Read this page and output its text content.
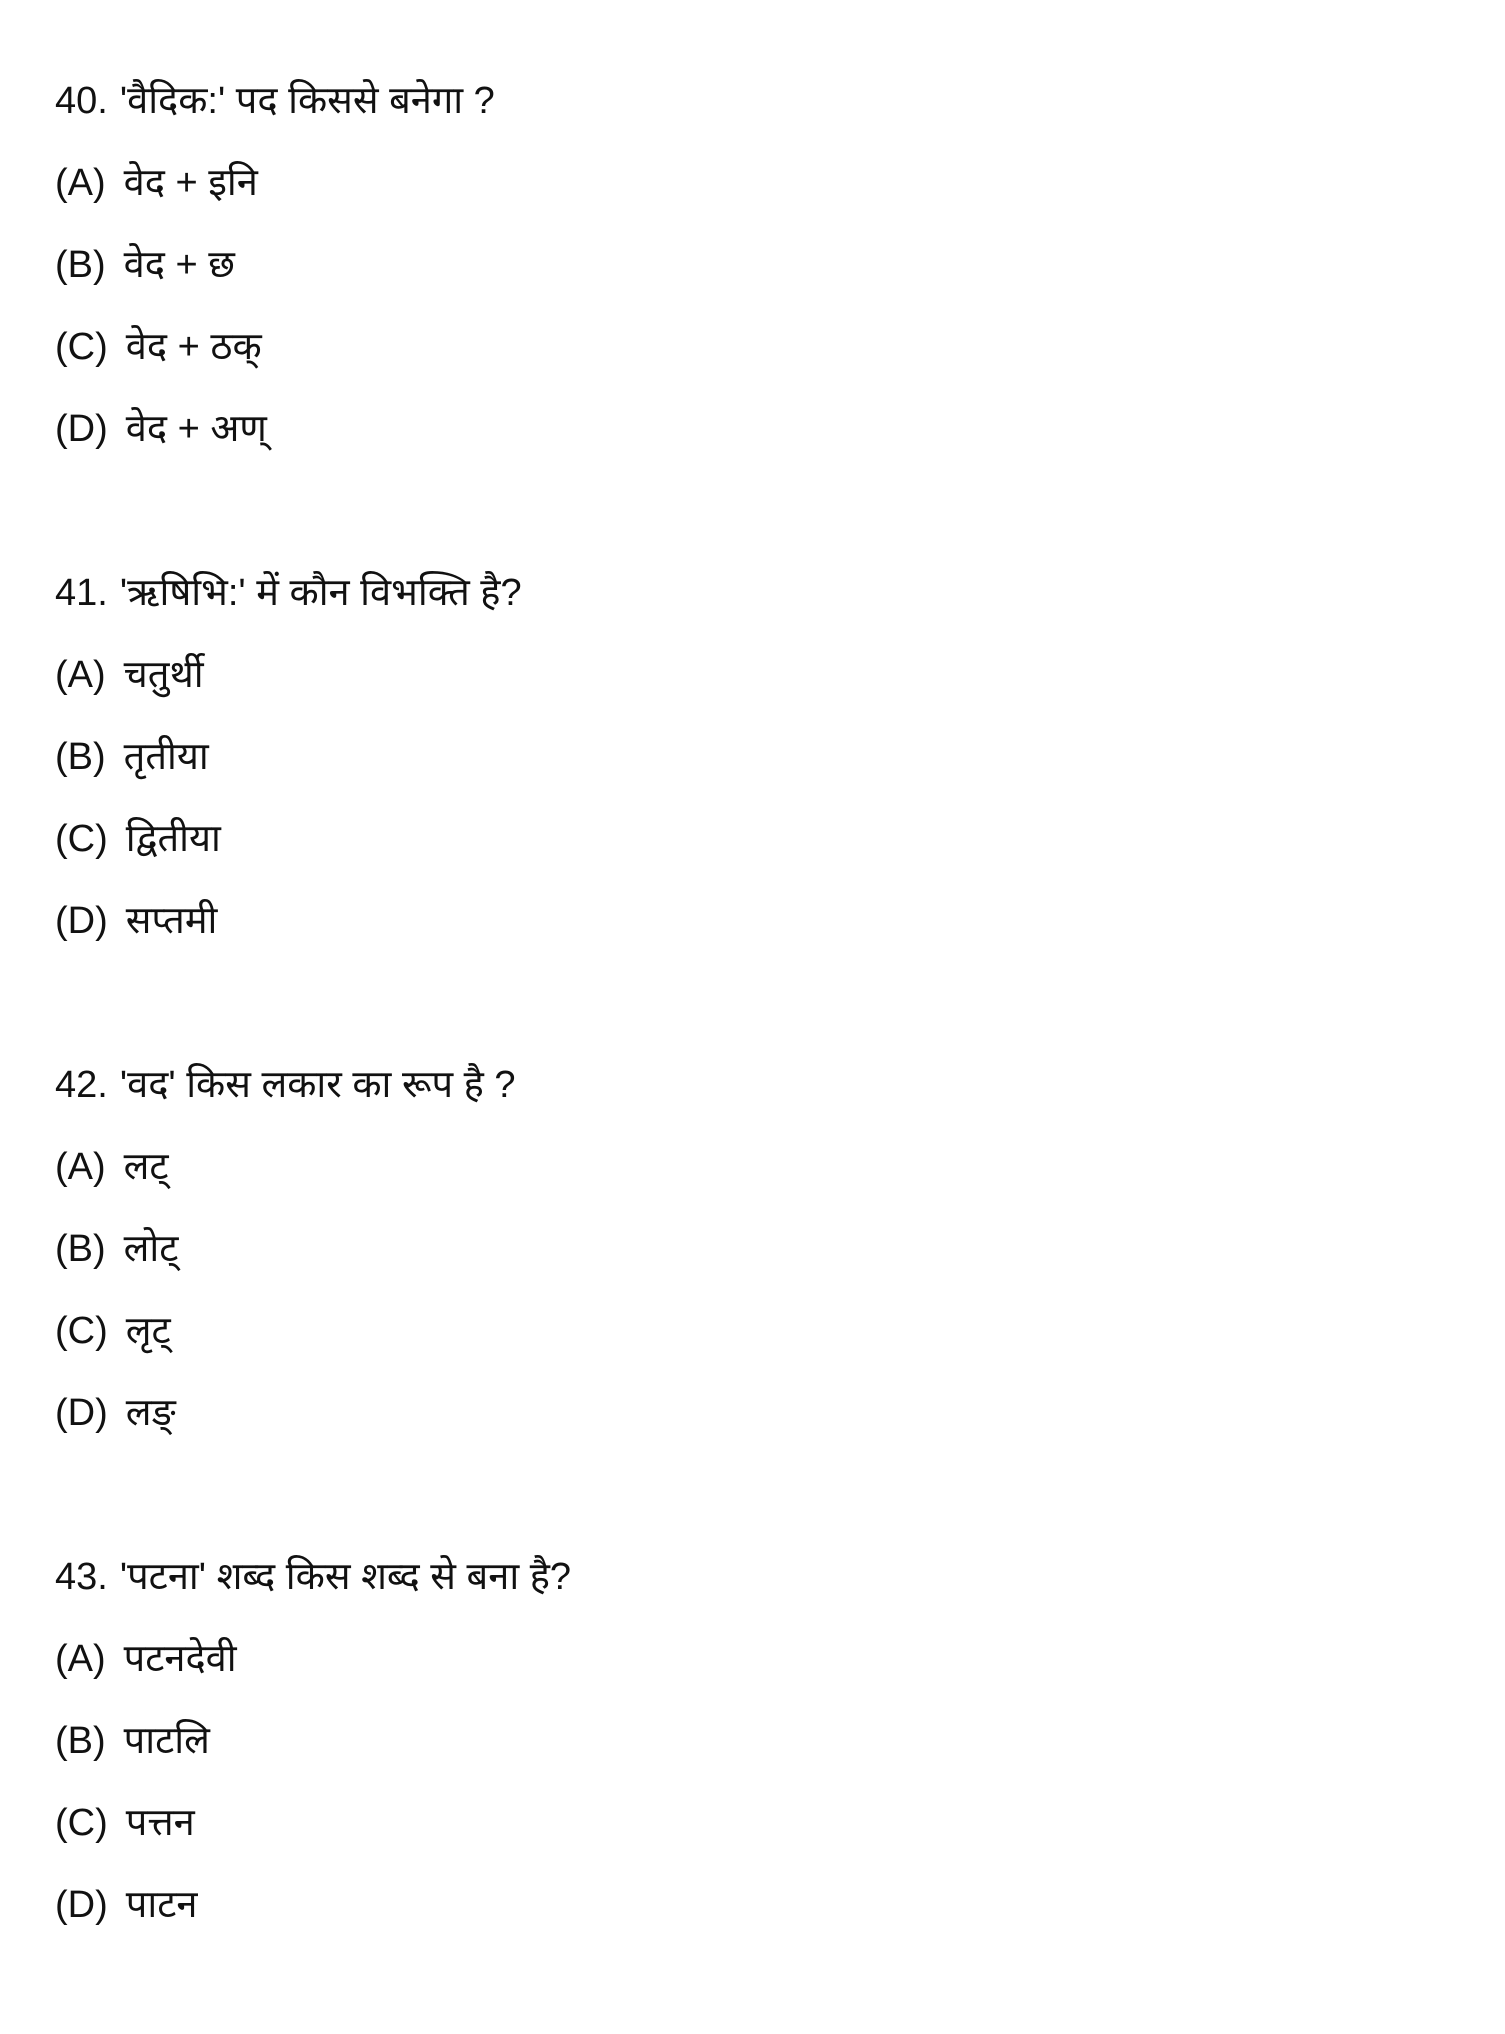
40. 'वैदिक:' पद किससे बनेगा ?
(A) वेद + इनि
(B) वेद + छ
(C) वेद + ठक्
(D) वेद + अण्
41. 'ऋषिभि:' में कौन विभक्ति है?
(A) चतुर्थी
(B) तृतीया
(C) द्वितीया
(D) सप्तमी
42. 'वद' किस लकार का रूप है ?
(A) लट्
(B) लोट्
(C) लृट्
(D) लङ्
43. 'पटना' शब्द किस शब्द से बना है?
(A) पटनदेवी
(B) पाटलि
(C) पत्तन
(D) पाटन
